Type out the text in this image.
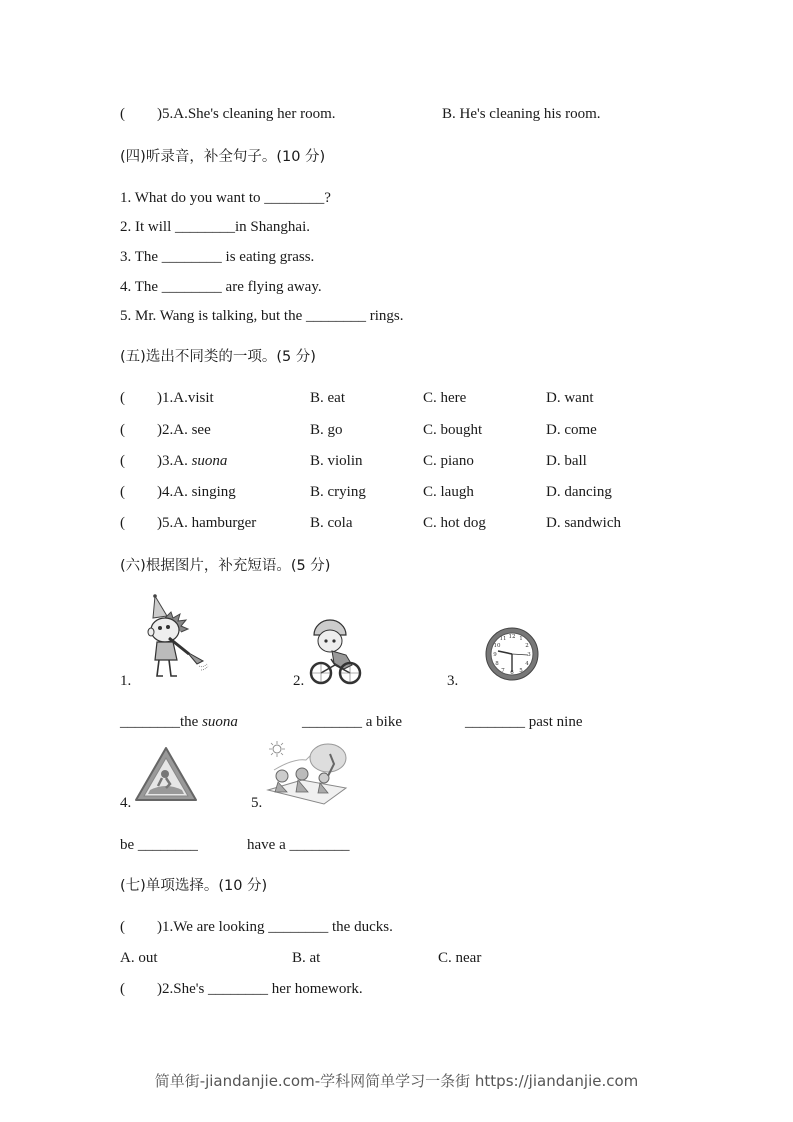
( )5.A.She's cleaning her room.	B. He's cleaning his room.
(四)听录音，补全句子。(10 分)
1. What do you want to ________?
2. It will ________in Shanghai.
3. The ________ is eating grass.
4. The ________ are flying away.
5. Mr. Wang is talking, but the ________ rings.
(五)选出不同类的一项。(5 分)
( )1.A.visit	B. eat	C. here	D. want
( )2.A. see	B. go	C. bought	D. come
( )3.A. suona	B. violin	C. piano	D. ball
( )4.A. singing	B. crying	C. laugh	D. dancing
( )5.A. hamburger	B. cola	C. hot dog	D. sandwich
(六)根据图片，补充短语。(5 分)
1.	2.	3.
12 1
2
3
4
5
6
7
8
9
10
11
________the suona	________ a bike	________ past nine
4.	5.
be ________	have a ________
(七)单项选择。(10 分)
( )1.We are looking ________ the ducks.
A. out	B. at	C. near
( )2.She's ________ her homework.
简单街-jiandanjie.com-学科网简单学习一条街 https://jiandanjie.com
